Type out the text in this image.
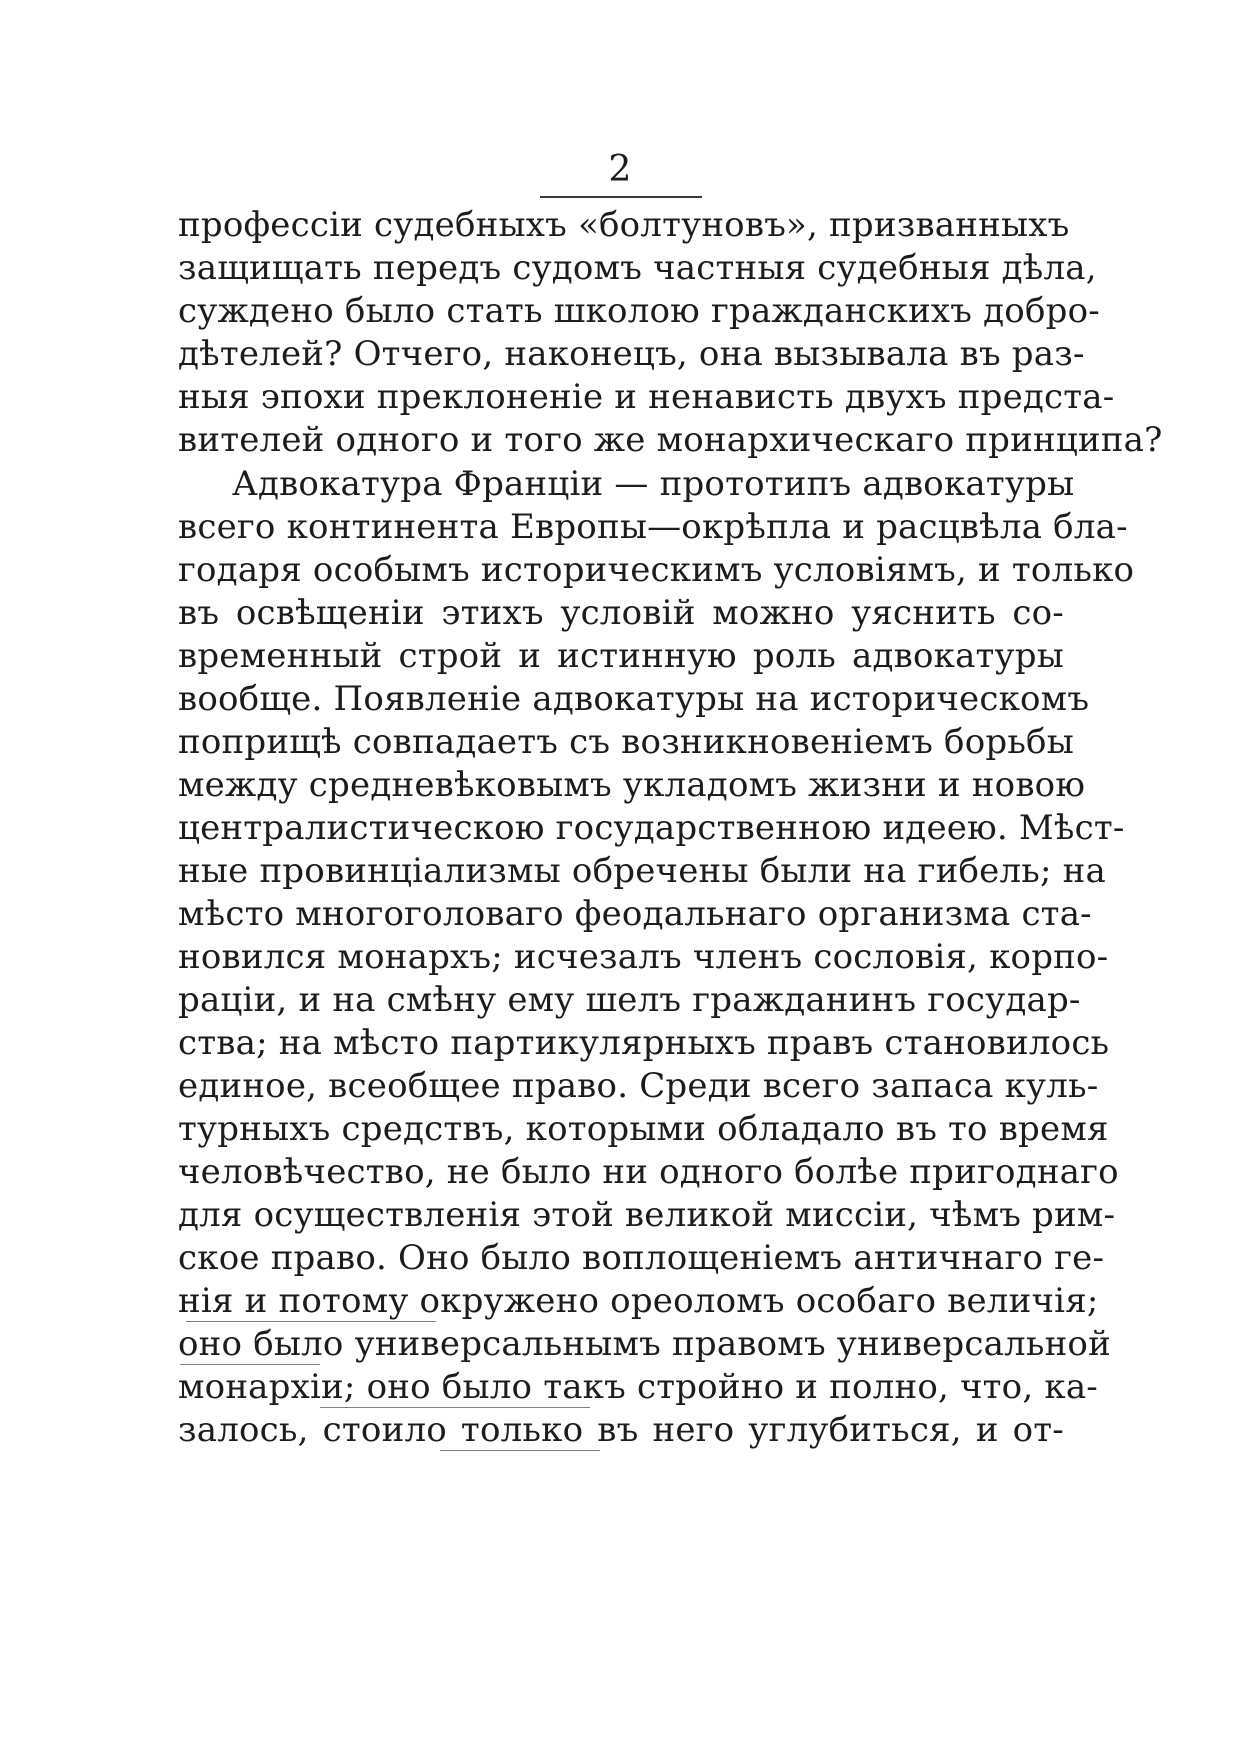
2
профессiи судебныхъ «болтуновъ», призванныхъ
защищать передъ судомъ частныя судебныя дѣла,
суждено было стать школою гражданскихъ добро-
дѣтелей? Отчего, наконецъ, она вызывала въ раз-
ныя эпохи преклоненiе и ненависть двухъ предста-
вителей одного и того же монархическаго принципа?
Адвокатура Францiи — прототипъ адвокатуры
всего континента Европы—окрѣпла и расцвѣла бла-
годаря особымъ историческимъ условiямъ, и только
въ освѣщенiи этихъ условiй можно уяснить со-
временный строй и истинную роль адвокатуры
вообще. Появленiе адвокатуры на историческомъ
поприщѣ совпадаетъ съ возникновенiемъ борьбы
между средневѣковымъ укладомъ жизни и новою
централистическою государственною идеею. Мѣст-
ные провинцiализмы обречены были на гибель; на
мѣсто многоголоваго феодальнаго организма ста-
новился монархъ; исчезалъ членъ сословiя, корпо-
рацiи, и на смѣну ему шелъ гражданинъ государ-
ства; на мѣсто партикулярныхъ правъ становилось
единое, всеобщее право. Среди всего запаса куль-
турныхъ средствъ, которыми обладало въ то время
человѣчество, не было ни одного болѣе пригоднаго
для осуществленiя этой великой миссiи, чѣмъ рим-
ское право. Оно было воплощенiемъ античнаго ге-
нiя и потому окружено ореоломъ особаго величiя;
оно было универсальнымъ правомъ универсальной
монархiи; оно было такъ стройно и полно, что, ка-
залось, стоило только въ него углубиться, и от-
